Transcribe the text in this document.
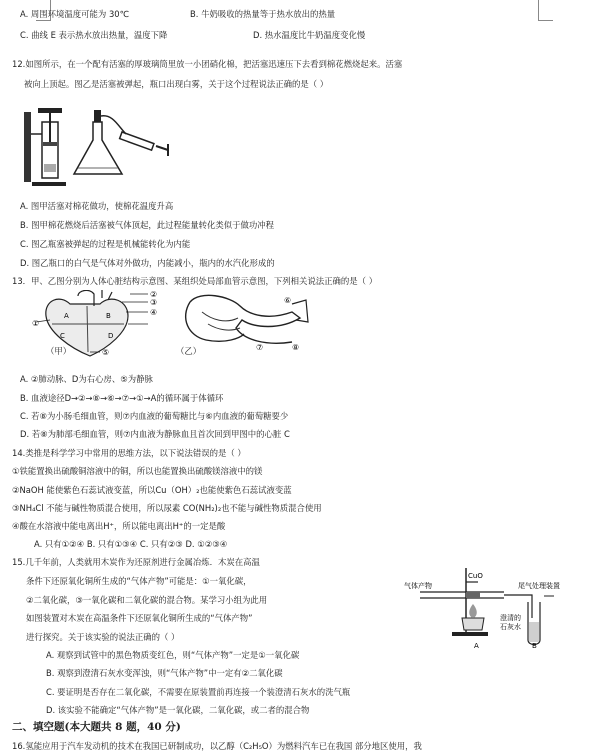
A. 周围环境温度可能为 30℃	B. 牛奶吸收的热量等于热水放出的热量
C. 曲线 E 表示热水放出热量，温度下降	D. 热水温度比牛奶温度变化慢
12.如图所示，在一个配有活塞的厚玻璃筒里放一小团硝化棉，把活塞迅速压下去看到棉花燃烧起来。活塞
被向上顶起。图乙是活塞被弹起，瓶口出现白雾，关于这个过程说法正确的是（ ）
A. 图甲活塞对棉花做功，使棉花温度升高
B. 图甲棉花燃烧后活塞被气体顶起，此过程能量转化类似于做功冲程
C. 图乙瓶塞被弹起的过程是机械能转化为内能
D. 图乙瓶口的白气是气体对外做功，内能减小，瓶内的水汽化形成的
13．甲、乙图分别为人体心脏结构示意图、某组织处局部血管示意图，下列相关说法正确的是（ ）
①
②
③
④
⑤
A	B
C	D
⑥
⑦	⑧
（甲）	（乙）
A. ②肺动脉、D为右心房、⑤为静脉
B. 血液途径D→②→⑧→⑥→⑦→①→A的循环属于体循环
C. 若⑧为小肠毛细血管，则⑦内血液的葡萄糖比与⑥内血液的葡萄糖要少
D. 若⑧为肺部毛细血管，则⑦内血液为静脉血且首次回到甲图中的心脏 C
14.类推是科学学习中常用的思维方法，以下说法错误的是（ ）
①铁能置换出硫酸铜溶液中的铜，所以也能置换出硫酸镁溶液中的镁
②NaOH 能使紫色石蕊试液变蓝，所以Cu（OH）₂也能使紫色石蕊试液变蓝
③NH₄Cl 不能与碱性物质混合使用，所以尿素 CO(NH₂)₂也不能与碱性物质混合使用
④酸在水溶液中能电离出H⁺，所以能电离出H⁺的一定是酸
A. 只有①②④ B. 只有①③④ C. 只有②③ D. ①②③④
15.几千年前，人类就用木炭作为还原剂进行金属冶炼．木炭在高温
条件下还原氧化铜所生成的“气体产物”可能是：①一氧化碳，
②二氧化碳，③一氧化碳和二氧化碳的混合物。某学习小组为此用
如图装置对木炭在高温条件下还原氧化铜所生成的“气体产物”
进行探究。关于该实验的说法正确的（ ）
气体产物
CuO
尾气处理装置
澄清的
石灰水
A	B
A. 观察到试管中的黑色物质变红色，则“气体产物”一定是①一氧化碳
B. 观察到澄清石灰水变浑浊，则“气体产物”中一定有②二氧化碳
C. 要证明是否存在二氧化碳，不需要在原装置前再连接一个装澄清石灰水的洗气瓶
D. 该实验不能确定“气体产物”是一氧化碳，二氧化碳，或二者的混合物
二、填空题(本大题共 8 题，40 分)
16.氢能应用于汽车发动机的技术在我国已研制成功，以乙醇（C₂H₅O）为燃料汽车已在我国 部分地区使用，我
